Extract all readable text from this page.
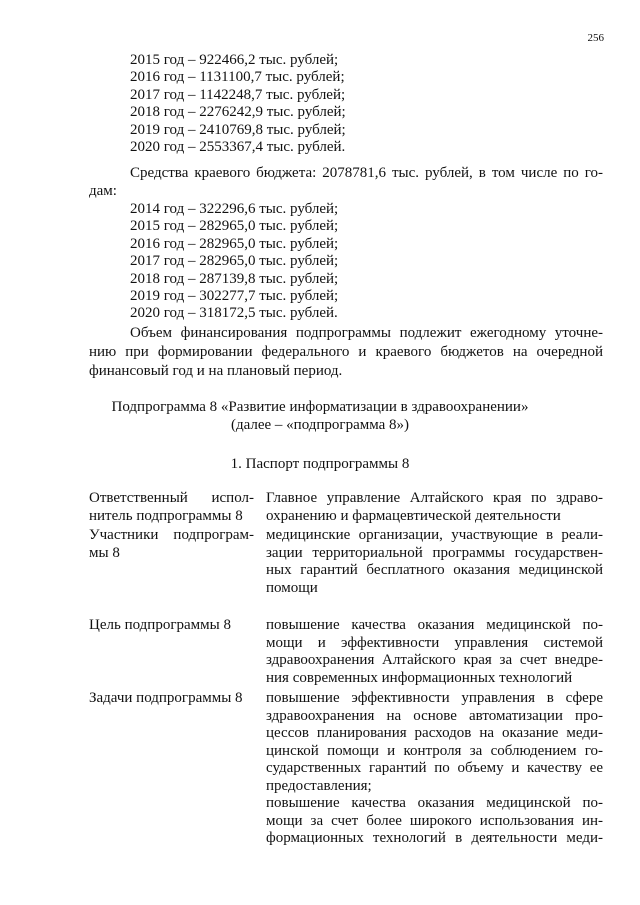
256
2015 год – 922466,2 тыс. рублей;
2016 год – 1131100,7 тыс. рублей;
2017 год – 1142248,7 тыс. рублей;
2018 год – 2276242,9 тыс. рублей;
2019 год – 2410769,8 тыс. рублей;
2020 год – 2553367,4 тыс. рублей.
Средства краевого бюджета: 2078781,6 тыс. рублей, в том числе по го-
дам:
2014 год – 322296,6 тыс. рублей;
2015 год – 282965,0 тыс. рублей;
2016 год – 282965,0 тыс. рублей;
2017 год – 282965,0 тыс. рублей;
2018 год – 287139,8 тыс. рублей;
2019 год – 302277,7 тыс. рублей;
2020 год – 318172,5 тыс. рублей.
Объем финансирования подпрограммы подлежит ежегодному уточне-
нию при формировании федерального и краевого бюджетов на очередной
финансовый год и на плановый период.
Подпрограмма 8 «Развитие информатизации в здравоохранении»
(далее – «подпрограмма 8»)
1. Паспорт подпрограммы 8
Ответственный испол-
нитель подпрограммы 8
Главное управление Алтайского края по здраво-
охранению и фармацевтической деятельности
Участники подпрограм-
мы 8
медицинские организации, участвующие в реали-
зации территориальной программы государствен-
ных гарантий бесплатного оказания медицинской
помощи
Цель подпрограммы 8	повышение качества оказания медицинской по-
мощи и эффективности управления системой
здравоохранения Алтайского края за счет внедре-
ния современных информационных технологий
Задачи подпрограммы 8	повышение эффективности управления в сфере
здравоохранения на основе автоматизации про-
цессов планирования расходов на оказание меди-
цинской помощи и контроля за соблюдением го-
сударственных гарантий по объему и качеству ее
предоставления;
повышение качества оказания медицинской по-
мощи за счет более широкого использования ин-
формационных технологий в деятельности меди-
